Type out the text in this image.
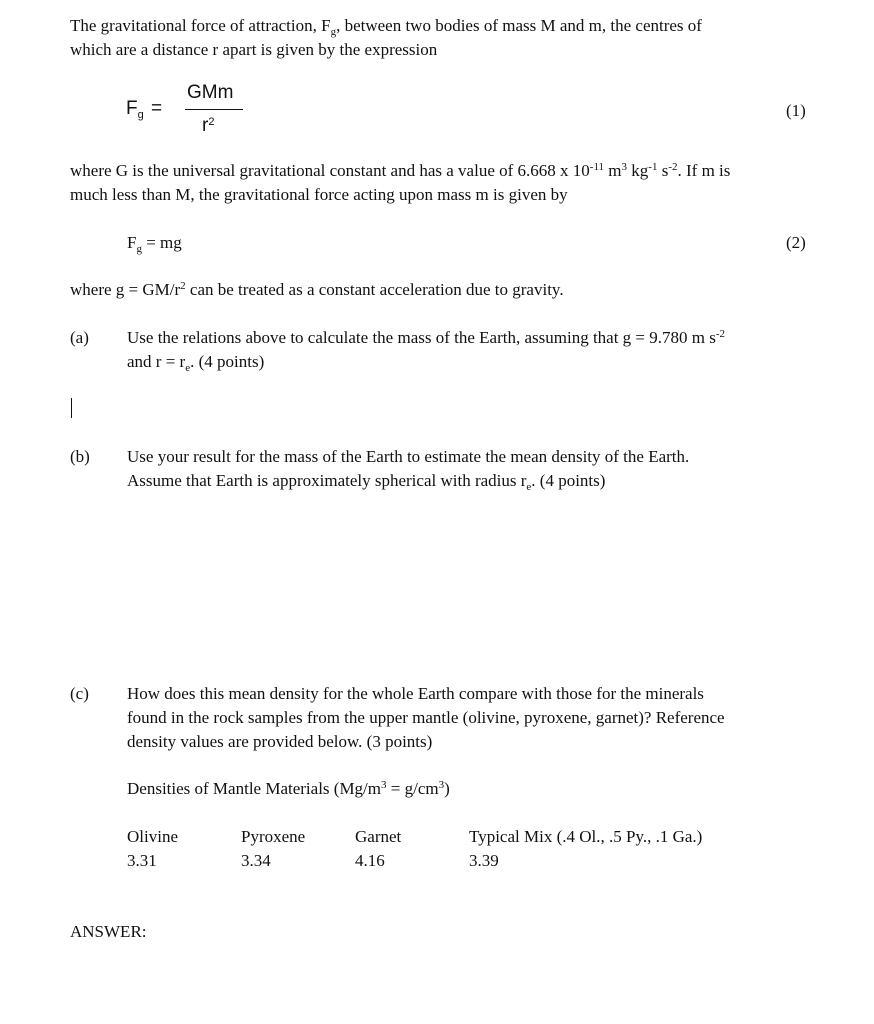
The gravitational force of attraction, $F_g$, between two bodies of mass M and m, the centres of
which are a distance r apart is given by the expression
$F_g$ =
GMm
$r^2$
(1)
where G is the universal gravitational constant and has a value of 6.668 x $10^{-11}$ $m^3$ $kg^{-1}$ $s^{-2}$. If m is
much less than M, the gravitational force acting upon mass m is given by
$F_g$ = mg	(2)
where $g = GM/r^2$ can be treated as a constant acceleration due to gravity.
(a) Use the relations above to calculate the mass of the Earth, assuming that g = 9.780 m $s^{-2}$
and $r = r_e$. (4 points)
(b) Use your result for the mass of the Earth to estimate the mean density of the Earth.
Assume that Earth is approximately spherical with radius $r_e$. (4 points)
(c) How does this mean density for the whole Earth compare with those for the minerals
found in the rock samples from the upper mantle (olivine, pyroxene, garnet)? Reference
density values are provided below. (3 points)
Densities of Mantle Materials $(Mg/m^3 = g/cm^3)$
Olivine
3.31
Pyroxene
3.34
Garnet
4.16
Typical Mix (.4 Ol., .5 Py., .1 Ga.)
3.39
ANSWER:
